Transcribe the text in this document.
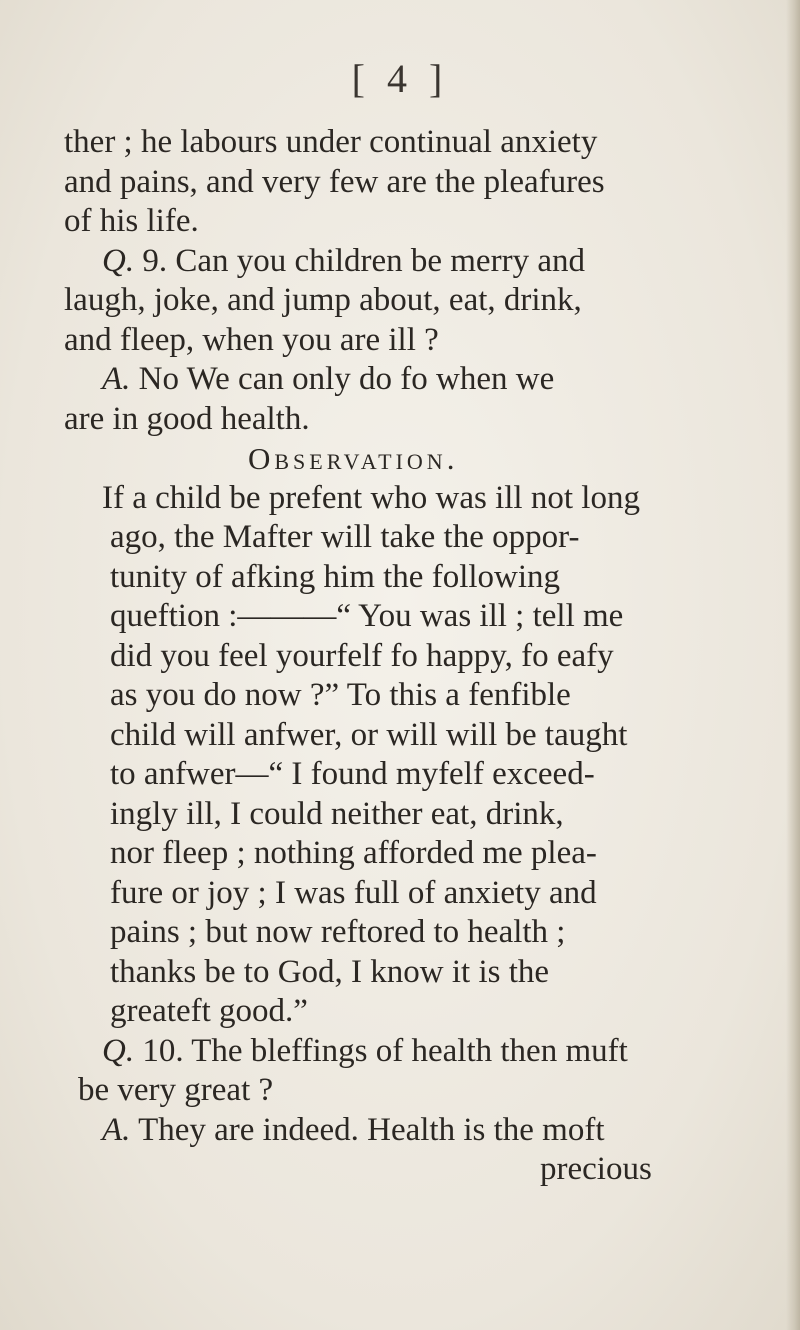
[ 4 ]
ther ; he labours under continual anxiety
and pains, and very few are the pleafures
of his life.
Q. 9. Can you children be merry and
laugh, joke, and jump about, eat, drink,
and fleep, when you are ill ?
A. No We can only do fo when we
are in good health.
Observation.
If a child be prefent who was ill not long
ago, the Mafter will take the oppor-
tunity of afking him the following
queftion :———“ You was ill ; tell me
did you feel yourfelf fo happy, fo eafy
as you do now ?” To this a fenfible
child will anfwer, or will will be taught
to anfwer—“ I found myfelf exceed-
ingly ill, I could neither eat, drink,
nor fleep ; nothing afforded me plea-
fure or joy ; I was full of anxiety and
pains ; but now reftored to health ;
thanks be to God, I know it is the
greateft good.”
Q. 10. The bleffings of health then muft
be very great ?
A. They are indeed. Health is the moft
precious
